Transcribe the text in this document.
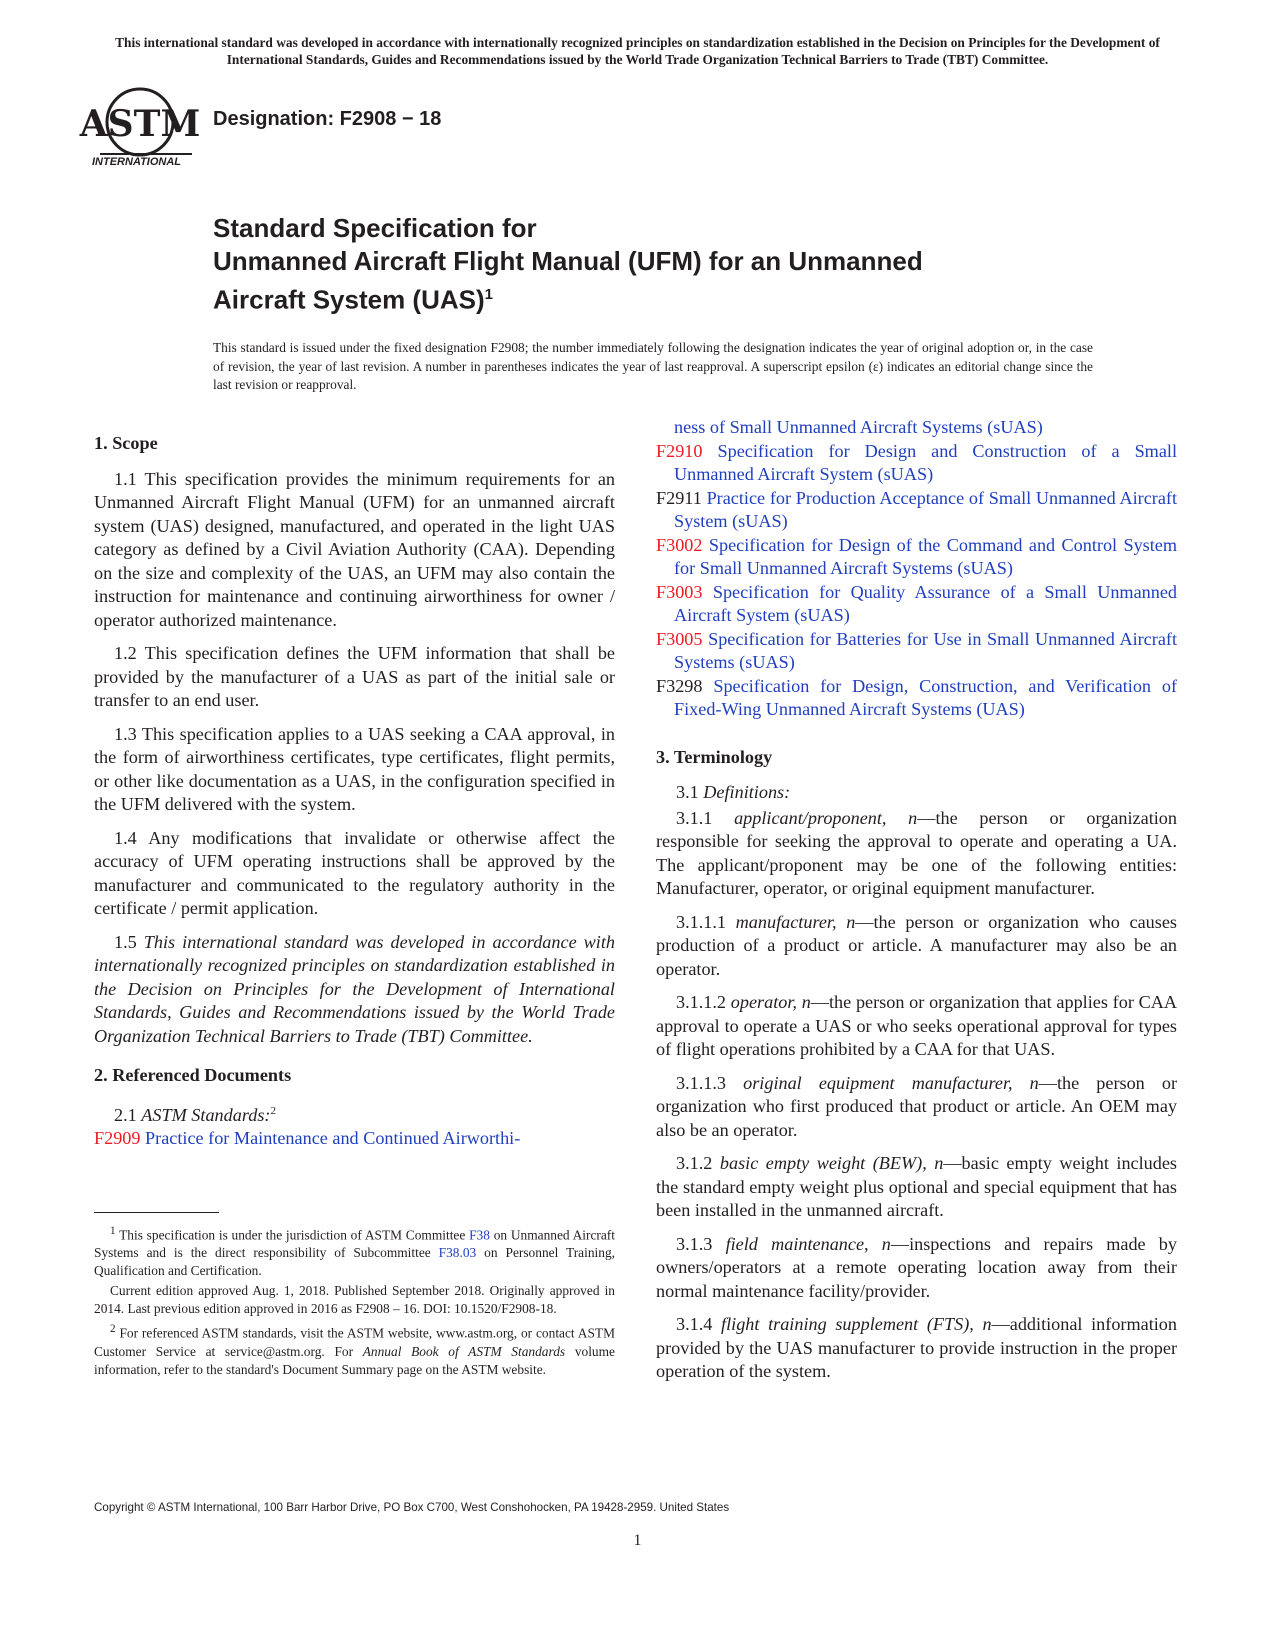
This international standard was developed in accordance with internationally recognized principles on standardization established in the Decision on Principles for the Development of International Standards, Guides and Recommendations issued by the World Trade Organization Technical Barriers to Trade (TBT) Committee.
ASTM
INTERNATIONAL
Designation: F2908 − 18
Standard Specification for
Unmanned Aircraft Flight Manual (UFM) for an Unmanned
Aircraft System (UAS)$^1$
This standard is issued under the fixed designation F2908; the number immediately following the designation indicates the year of original adoption or, in the case of revision, the year of last revision. A number in parentheses indicates the year of last reapproval. A superscript epsilon (ε) indicates an editorial change since the last revision or reapproval.
1. Scope

1.1 This specification provides the minimum requirements for an Unmanned Aircraft Flight Manual (UFM) for an unmanned aircraft system (UAS) designed, manufactured, and operated in the light UAS category as defined by a Civil Aviation Authority (CAA). Depending on the size and complexity of the UAS, an UFM may also contain the instruction for maintenance and continuing airworthiness for owner / operator authorized maintenance.

1.2 This specification defines the UFM information that shall be provided by the manufacturer of a UAS as part of the initial sale or transfer to an end user.

1.3 This specification applies to a UAS seeking a CAA approval, in the form of airworthiness certificates, type certificates, flight permits, or other like documentation as a UAS, in the configuration specified in the UFM delivered with the system.

1.4 Any modifications that invalidate or otherwise affect the accuracy of UFM operating instructions shall be approved by the manufacturer and communicated to the regulatory authority in the certificate / permit application.

1.5 This international standard was developed in accordance with internationally recognized principles on standardization established in the Decision on Principles for the Development of International Standards, Guides and Recommendations issued by the World Trade Organization Technical Barriers to Trade (TBT) Committee.

2. Referenced Documents

2.1 ASTM Standards:$^2$

F2909 Practice for Maintenance and Continued Airworthi-

$^1$ This specification is under the jurisdiction of ASTM Committee F38 on Unmanned Aircraft Systems and is the direct responsibility of Subcommittee F38.03 on Personnel Training, Qualification and Certification.

Current edition approved Aug. 1, 2018. Published September 2018. Originally approved in 2014. Last previous edition approved in 2016 as F2908 – 16. DOI: 10.1520/F2908-18.

$^2$ For referenced ASTM standards, visit the ASTM website, www.astm.org, or contact ASTM Customer Service at service@astm.org. For Annual Book of ASTM Standards volume information, refer to the standard's Document Summary page on the ASTM website.

ness of Small Unmanned Aircraft Systems (sUAS)
F2910 Specification for Design and Construction of a Small Unmanned Aircraft System (sUAS)
F2911 Practice for Production Acceptance of Small Unmanned Aircraft System (sUAS)
F3002 Specification for Design of the Command and Control System for Small Unmanned Aircraft Systems (sUAS)
F3003 Specification for Quality Assurance of a Small Unmanned Aircraft System (sUAS)
F3005 Specification for Batteries for Use in Small Unmanned Aircraft Systems (sUAS)
F3298 Specification for Design, Construction, and Verification of Fixed-Wing Unmanned Aircraft Systems (UAS)
3. Terminology

3.1 Definitions:

3.1.1 applicant/proponent, n—the person or organization responsible for seeking the approval to operate and operating a UA. The applicant/proponent may be one of the following entities: Manufacturer, operator, or original equipment manufacturer.

3.1.1.1 manufacturer, n—the person or organization who causes production of a product or article. A manufacturer may also be an operator.

3.1.1.2 operator, n—the person or organization that applies for CAA approval to operate a UAS or who seeks operational approval for types of flight operations prohibited by a CAA for that UAS.

3.1.1.3 original equipment manufacturer, n—the person or organization who first produced that product or article. An OEM may also be an operator.

3.1.2 basic empty weight (BEW), n—basic empty weight includes the standard empty weight plus optional and special equipment that has been installed in the unmanned aircraft.

3.1.3 field maintenance, n—inspections and repairs made by owners/operators at a remote operating location away from their normal maintenance facility/provider.

3.1.4 flight training supplement (FTS), n—additional information provided by the UAS manufacturer to provide instruction in the proper operation of the system.

Copyright © ASTM International, 100 Barr Harbor Drive, PO Box C700, West Conshohocken, PA 19428-2959. United States
1
